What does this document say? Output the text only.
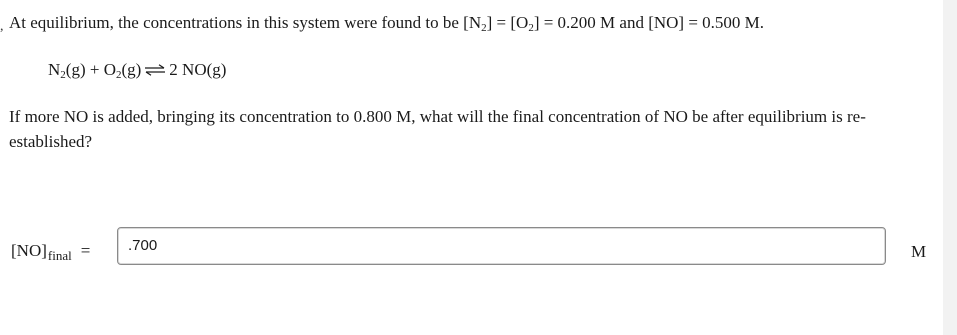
, At equilibrium, the concentrations in this system were found to be $[N_2] = [O_2] = 0.200$ M and [NO] = 0.500 M.
$N_2(g) + O_2(g)$ ⇌ 2 NO(g)
If more NO is added, bringing its concentration to 0.800 M, what will the final concentration of NO be after equilibrium is re-established?
$[NO]_{final}$ =	.700	M
